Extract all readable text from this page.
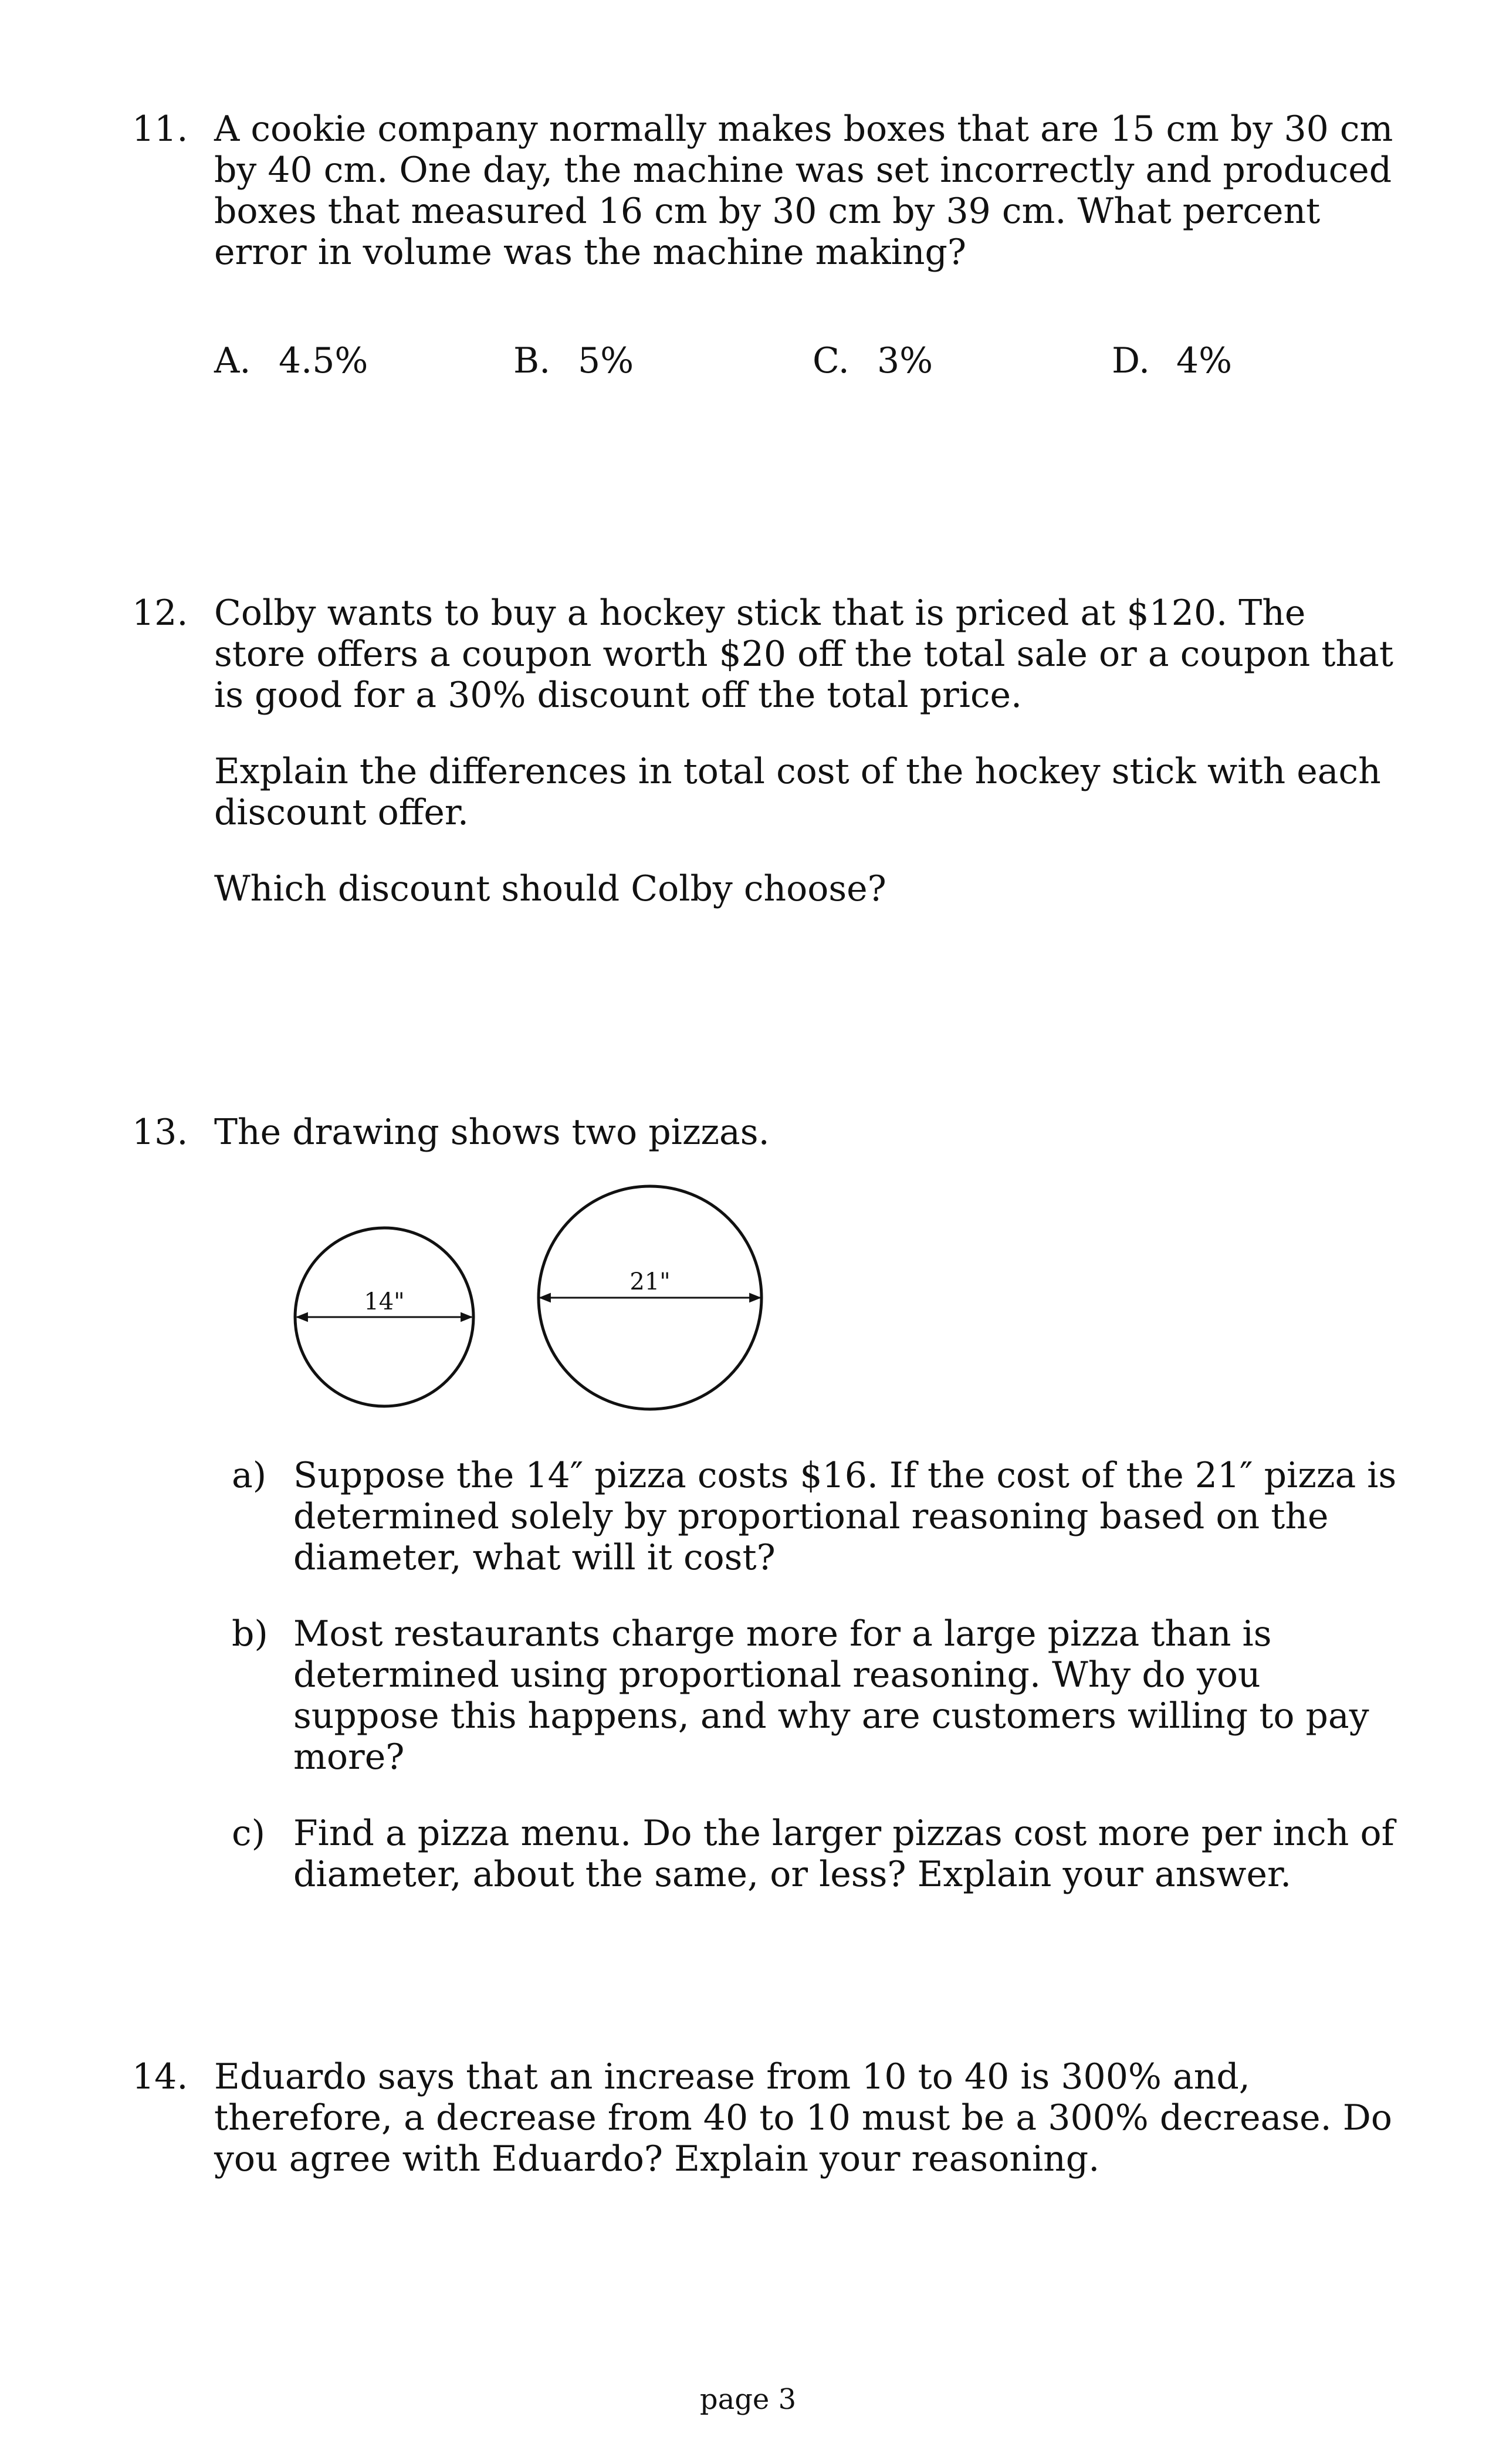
11. A cookie company normally makes boxes that are 15 cm by 30 cm by 40 cm. One day, the machine was set incorrectly and produced boxes that measured 16 cm by 30 cm by 39 cm. What percent error in volume was the machine making?

A. 4.5%	B. 5%	C. 3%	D. 4%
12. Colby wants to buy a hockey stick that is priced at $120. The store offers a coupon worth $20 off the total sale or a coupon that is good for a 30% discount off the total price.

Explain the differences in total cost of the hockey stick with each discount offer.

Which discount should Colby choose?

13. The drawing shows two pizzas.

14"
21"
a) Suppose the 14″ pizza costs $16. If the cost of the 21″ pizza is determined solely by proportional reasoning based on the diameter, what will it cost?
b) Most restaurants charge more for a large pizza than is determined using proportional reasoning. Why do you suppose this happens, and why are customers willing to pay more?
c) Find a pizza menu. Do the larger pizzas cost more per inch of diameter, about the same, or less? Explain your answer.
14. Eduardo says that an increase from 10 to 40 is 300% and, therefore, a decrease from 40 to 10 must be a 300% decrease. Do you agree with Eduardo? Explain your reasoning.

page 3
